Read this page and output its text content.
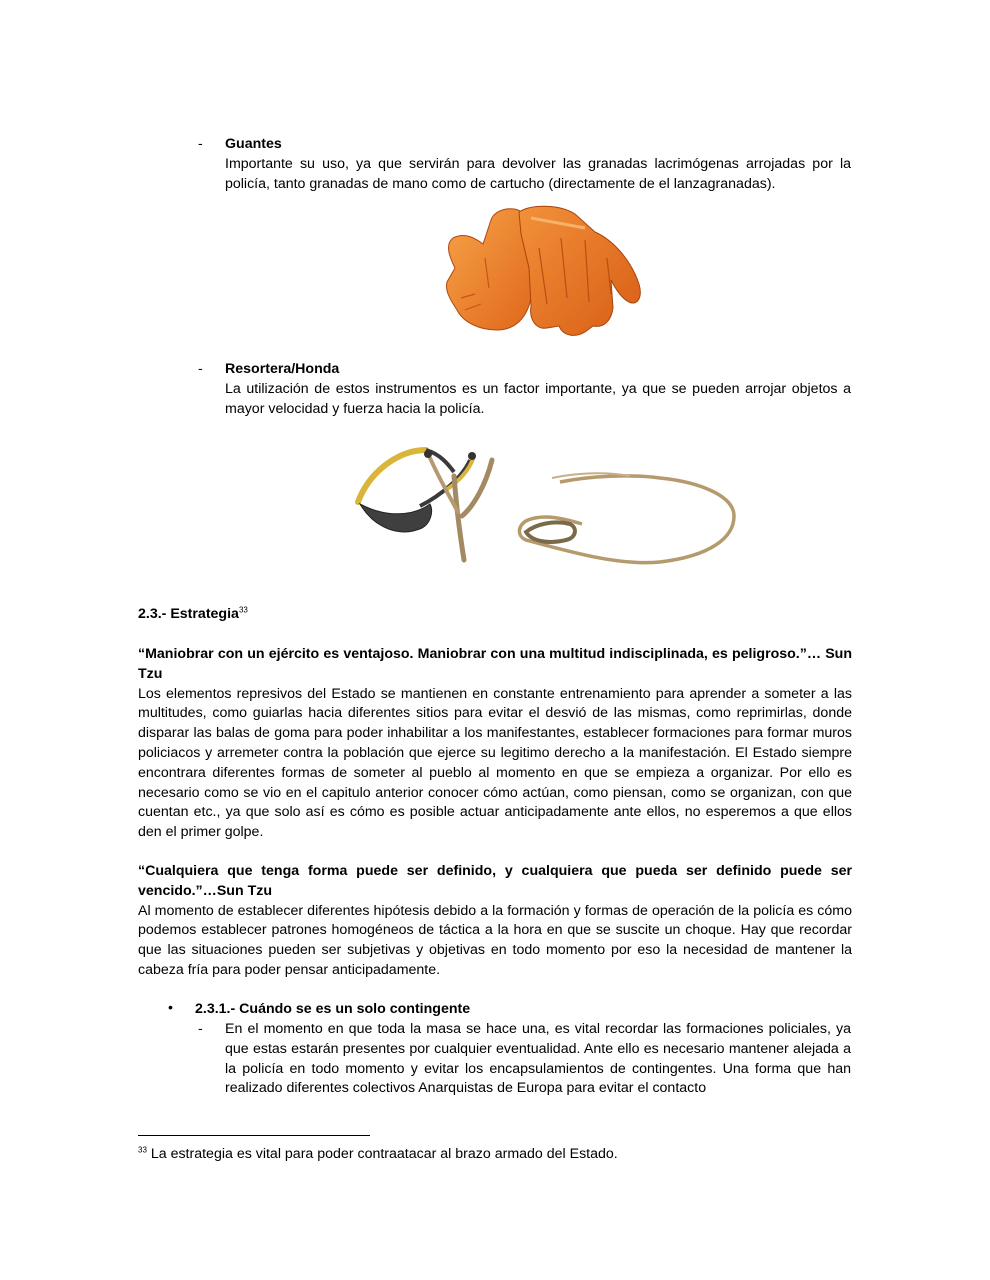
-	Guantes
Importante su uso, ya que servirán para devolver las granadas lacrimógenas arrojadas por la policía, tanto granadas de mano como de cartucho (directamente de el lanzagranadas).
-	Resortera/Honda
La utilización de estos instrumentos es un factor importante, ya que se pueden arrojar objetos a mayor velocidad y fuerza hacia la policía.
2.3.- Estrategia$^{33}$
“Maniobrar con un ejército es ventajoso. Maniobrar con una multitud indisciplinada, es peligroso.”… Sun Tzu
Los elementos represivos del Estado se mantienen en constante entrenamiento para aprender a someter a las multitudes, como guiarlas hacia diferentes sitios para evitar el desvió de las mismas, como reprimirlas, donde disparar las balas de goma para poder inhabilitar a los manifestantes, establecer formaciones para formar muros policiacos y arremeter contra la población que ejerce su legitimo derecho a la manifestación. El Estado siempre encontrara diferentes formas de someter al pueblo al momento en que se empieza a organizar. Por ello es necesario como se vio en el capitulo anterior conocer cómo actúan, como piensan, como se organizan, con que cuentan etc., ya que solo así es cómo es posible actuar anticipadamente ante ellos, no esperemos a que ellos den el primer golpe.
“Cualquiera que tenga forma puede ser definido, y cualquiera que pueda ser definido puede ser vencido.”…Sun Tzu
Al momento de establecer diferentes hipótesis debido a la formación y formas de operación de la policía es cómo podemos establecer patrones homogéneos de táctica a la hora en que se suscite un choque. Hay que recordar que las situaciones pueden ser subjetivas y objetivas en todo momento por eso la necesidad de mantener la cabeza fría para poder pensar anticipadamente.
• 2.3.1.- Cuándo se es un solo contingente
-	En el momento en que toda la masa se hace una, es vital recordar las formaciones policiales, ya que estas estarán presentes por cualquier eventualidad. Ante ello es necesario mantener alejada a la policía en todo momento y evitar los encapsulamientos de contingentes. Una forma que han realizado diferentes colectivos Anarquistas de Europa para evitar el contacto
$^{33}$ La estrategia es vital para poder contraatacar al brazo armado del Estado.
